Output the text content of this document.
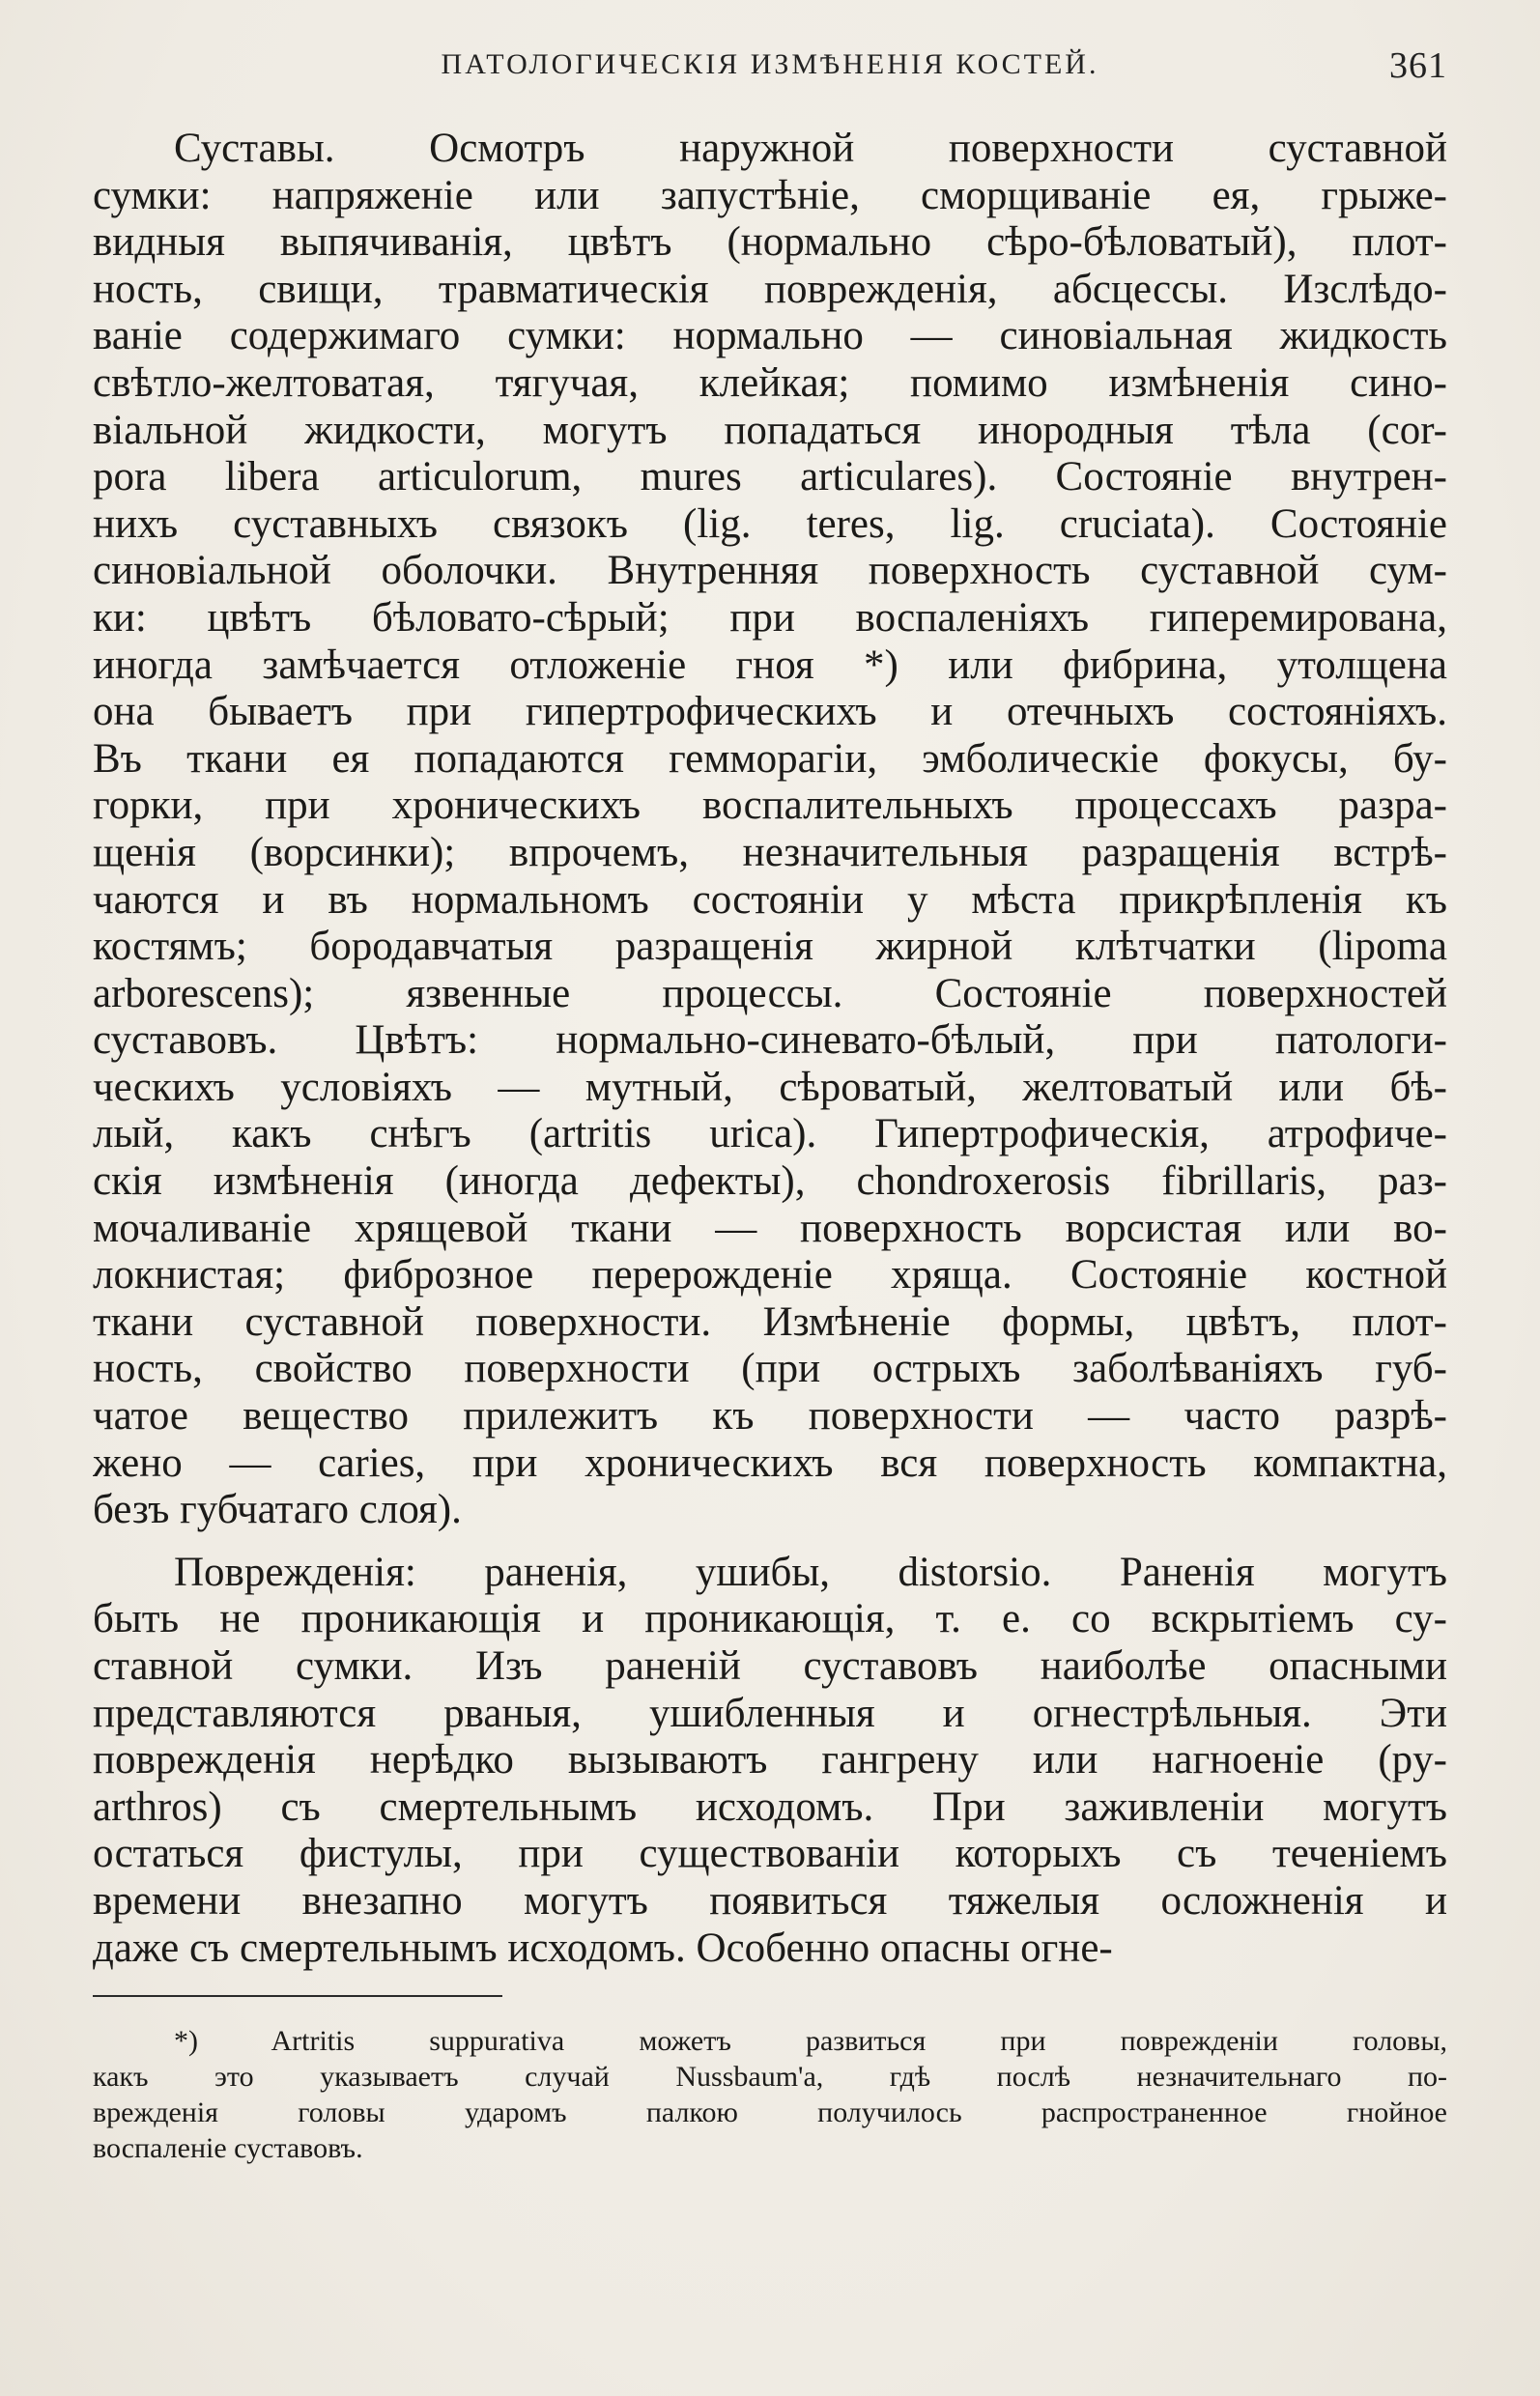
ПАТОЛОГИЧЕСКІЯ ИЗМѢНЕНІЯ КОСТЕЙ.	361
Суставы. Осмотръ наружной поверхности суставной
сумки: напряженіе или запустѣніе, сморщиваніе ея, грыже-
видныя выпячиванія, цвѣтъ (нормально сѣро-бѣловатый), плот-
ность, свищи, травматическія поврежденія, абсцессы. Изслѣдо-
ваніе содержимаго сумки: нормально — синовіальная жидкость
свѣтло-желтоватая, тягучая, клейкая; помимо измѣненія сино-
віальной жидкости, могутъ попадаться инородныя тѣла (cor-
pora libera articulorum, mures articulares). Состояніе внутрен-
нихъ суставныхъ связокъ (lig. teres, lig. cruciata). Состояніе
синовіальной оболочки. Внутренняя поверхность суставной сум-
ки: цвѣтъ бѣловато-сѣрый; при воспаленіяхъ гиперемирована,
иногда замѣчается отложеніе гноя *) или фибрина, утолщена
она бываетъ при гипертрофическихъ и отечныхъ состояніяхъ.
Въ ткани ея попадаются геммoрагіи, эмболическіе фокусы, бу-
горки, при хроническихъ воспалительныхъ процессахъ разра-
щенія (ворсинки); впрочемъ, незначительныя разращенія встрѣ-
чаются и въ нормальномъ состояніи у мѣста прикрѣпленія къ
костямъ; бородавчатыя разращенія жирной клѣтчатки (lipoma
arborescens); язвенные процессы. Состояніе поверхностей
суставовъ. Цвѣтъ: нормально-синевато-бѣлый, при патологи-
ческихъ условіяхъ — мутный, сѣроватый, желтоватый или бѣ-
лый, какъ снѣгъ (artritis urica). Гипертрофическія, атрофиче-
скія измѣненія (иногда дефекты), chondroxerosis fibrillaris, раз-
мочаливаніе хрящевой ткани — поверхность ворсистая или во-
локнистая; фиброзное перерожденіе хряща. Состояніе костной
ткани суставной поверхности. Измѣненіе формы, цвѣтъ, плот-
ность, свойство поверхности (при острыхъ заболѣваніяхъ губ-
чатое вещество прилежитъ къ поверхности — часто разрѣ-
жено — caries, при хроническихъ вся поверхность компактна,
безъ губчатаго слоя).
Поврежденія: раненія, ушибы, distorsio. Раненія могутъ
быть не проникающія и проникающія, т. е. со вскрытіемъ су-
ставной сумки. Изъ раненій суставовъ наиболѣе опасными
представляются рваныя, ушибленныя и огнестрѣльныя. Эти
поврежденія нерѣдко вызываютъ гангрену или нагноеніе (py-
arthros) съ смертельнымъ исходомъ. При заживленіи могутъ
остаться фистулы, при существованіи которыхъ съ теченіемъ
времени внезапно могутъ появиться тяжелыя осложненія и
даже съ смертельнымъ исходомъ. Особенно опасны огне-
*) Artritis suppurativa можетъ развиться при поврежденіи головы,
какъ это указываетъ случай Nussbaum'a, гдѣ послѣ незначительнаго по-
врежденія головы ударомъ палкою получилось распространенное гнойное
воспаленіе суставовъ.
